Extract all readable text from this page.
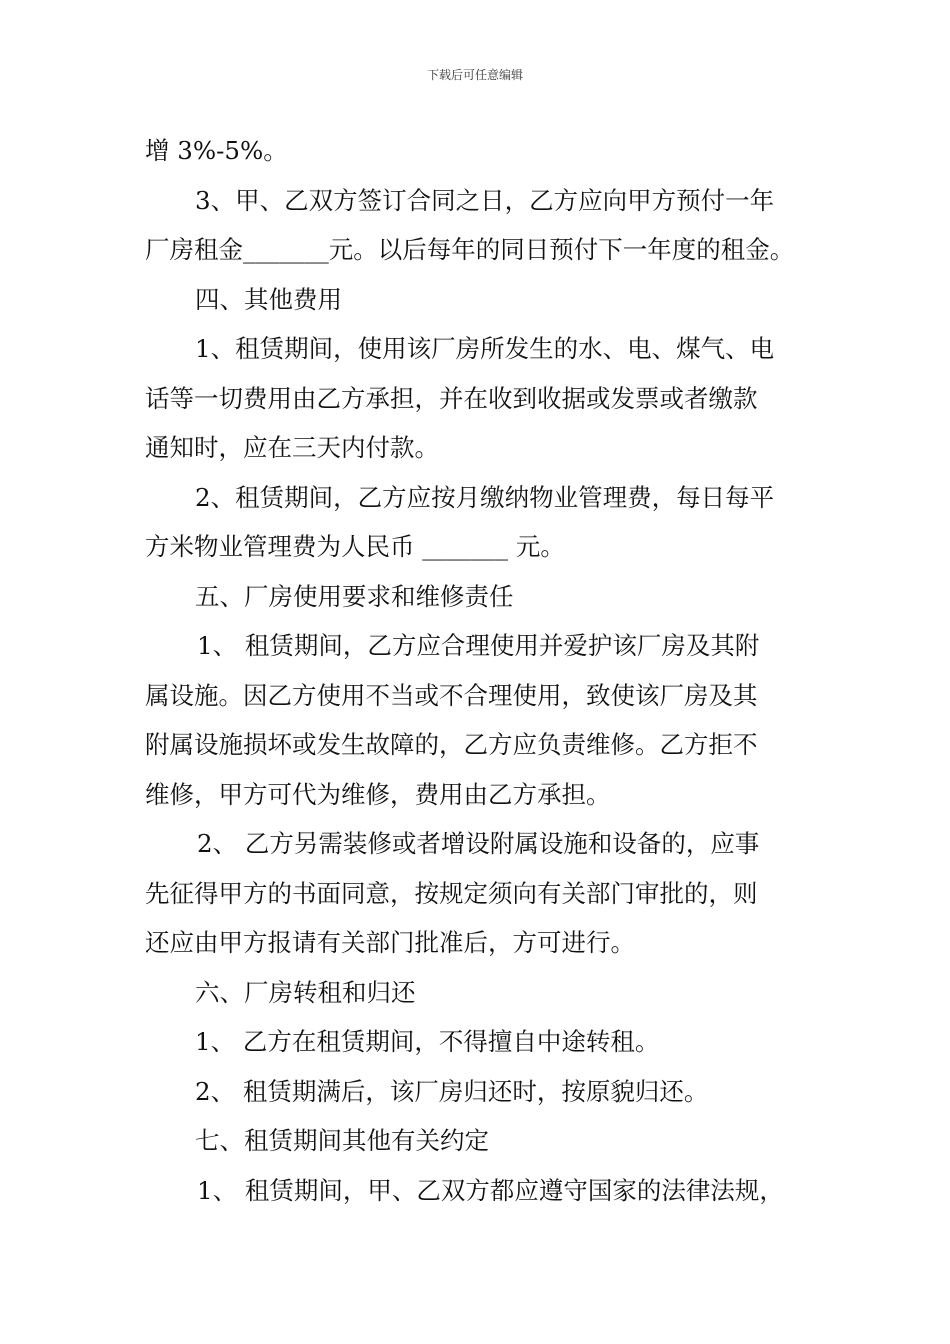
下载后可任意编辑
增 3%-5%。
3、甲、乙双方签订合同之日，乙方应向甲方预付一年
厂房租金_______元。以后每年的同日预付下一年度的租金。
四、其他费用
1、租赁期间，使用该厂房所发生的水、电、煤气、电
话等一切费用由乙方承担，并在收到收据或发票或者缴款
通知时，应在三天内付款。
2、租赁期间，乙方应按月缴纳物业管理费，每日每平
方米物业管理费为人民币 _______ 元。
五、厂房使用要求和维修责任
1、 租赁期间，乙方应合理使用并爱护该厂房及其附
属设施。因乙方使用不当或不合理使用，致使该厂房及其
附属设施损坏或发生故障的，乙方应负责维修。乙方拒不
维修，甲方可代为维修，费用由乙方承担。
2、 乙方另需装修或者增设附属设施和设备的，应事
先征得甲方的书面同意，按规定须向有关部门审批的，则
还应由甲方报请有关部门批准后，方可进行。
六、厂房转租和归还
1、 乙方在租赁期间，不得擅自中途转租。
2、 租赁期满后，该厂房归还时，按原貌归还。
七、租赁期间其他有关约定
1、 租赁期间，甲、乙双方都应遵守国家的法律法规，
